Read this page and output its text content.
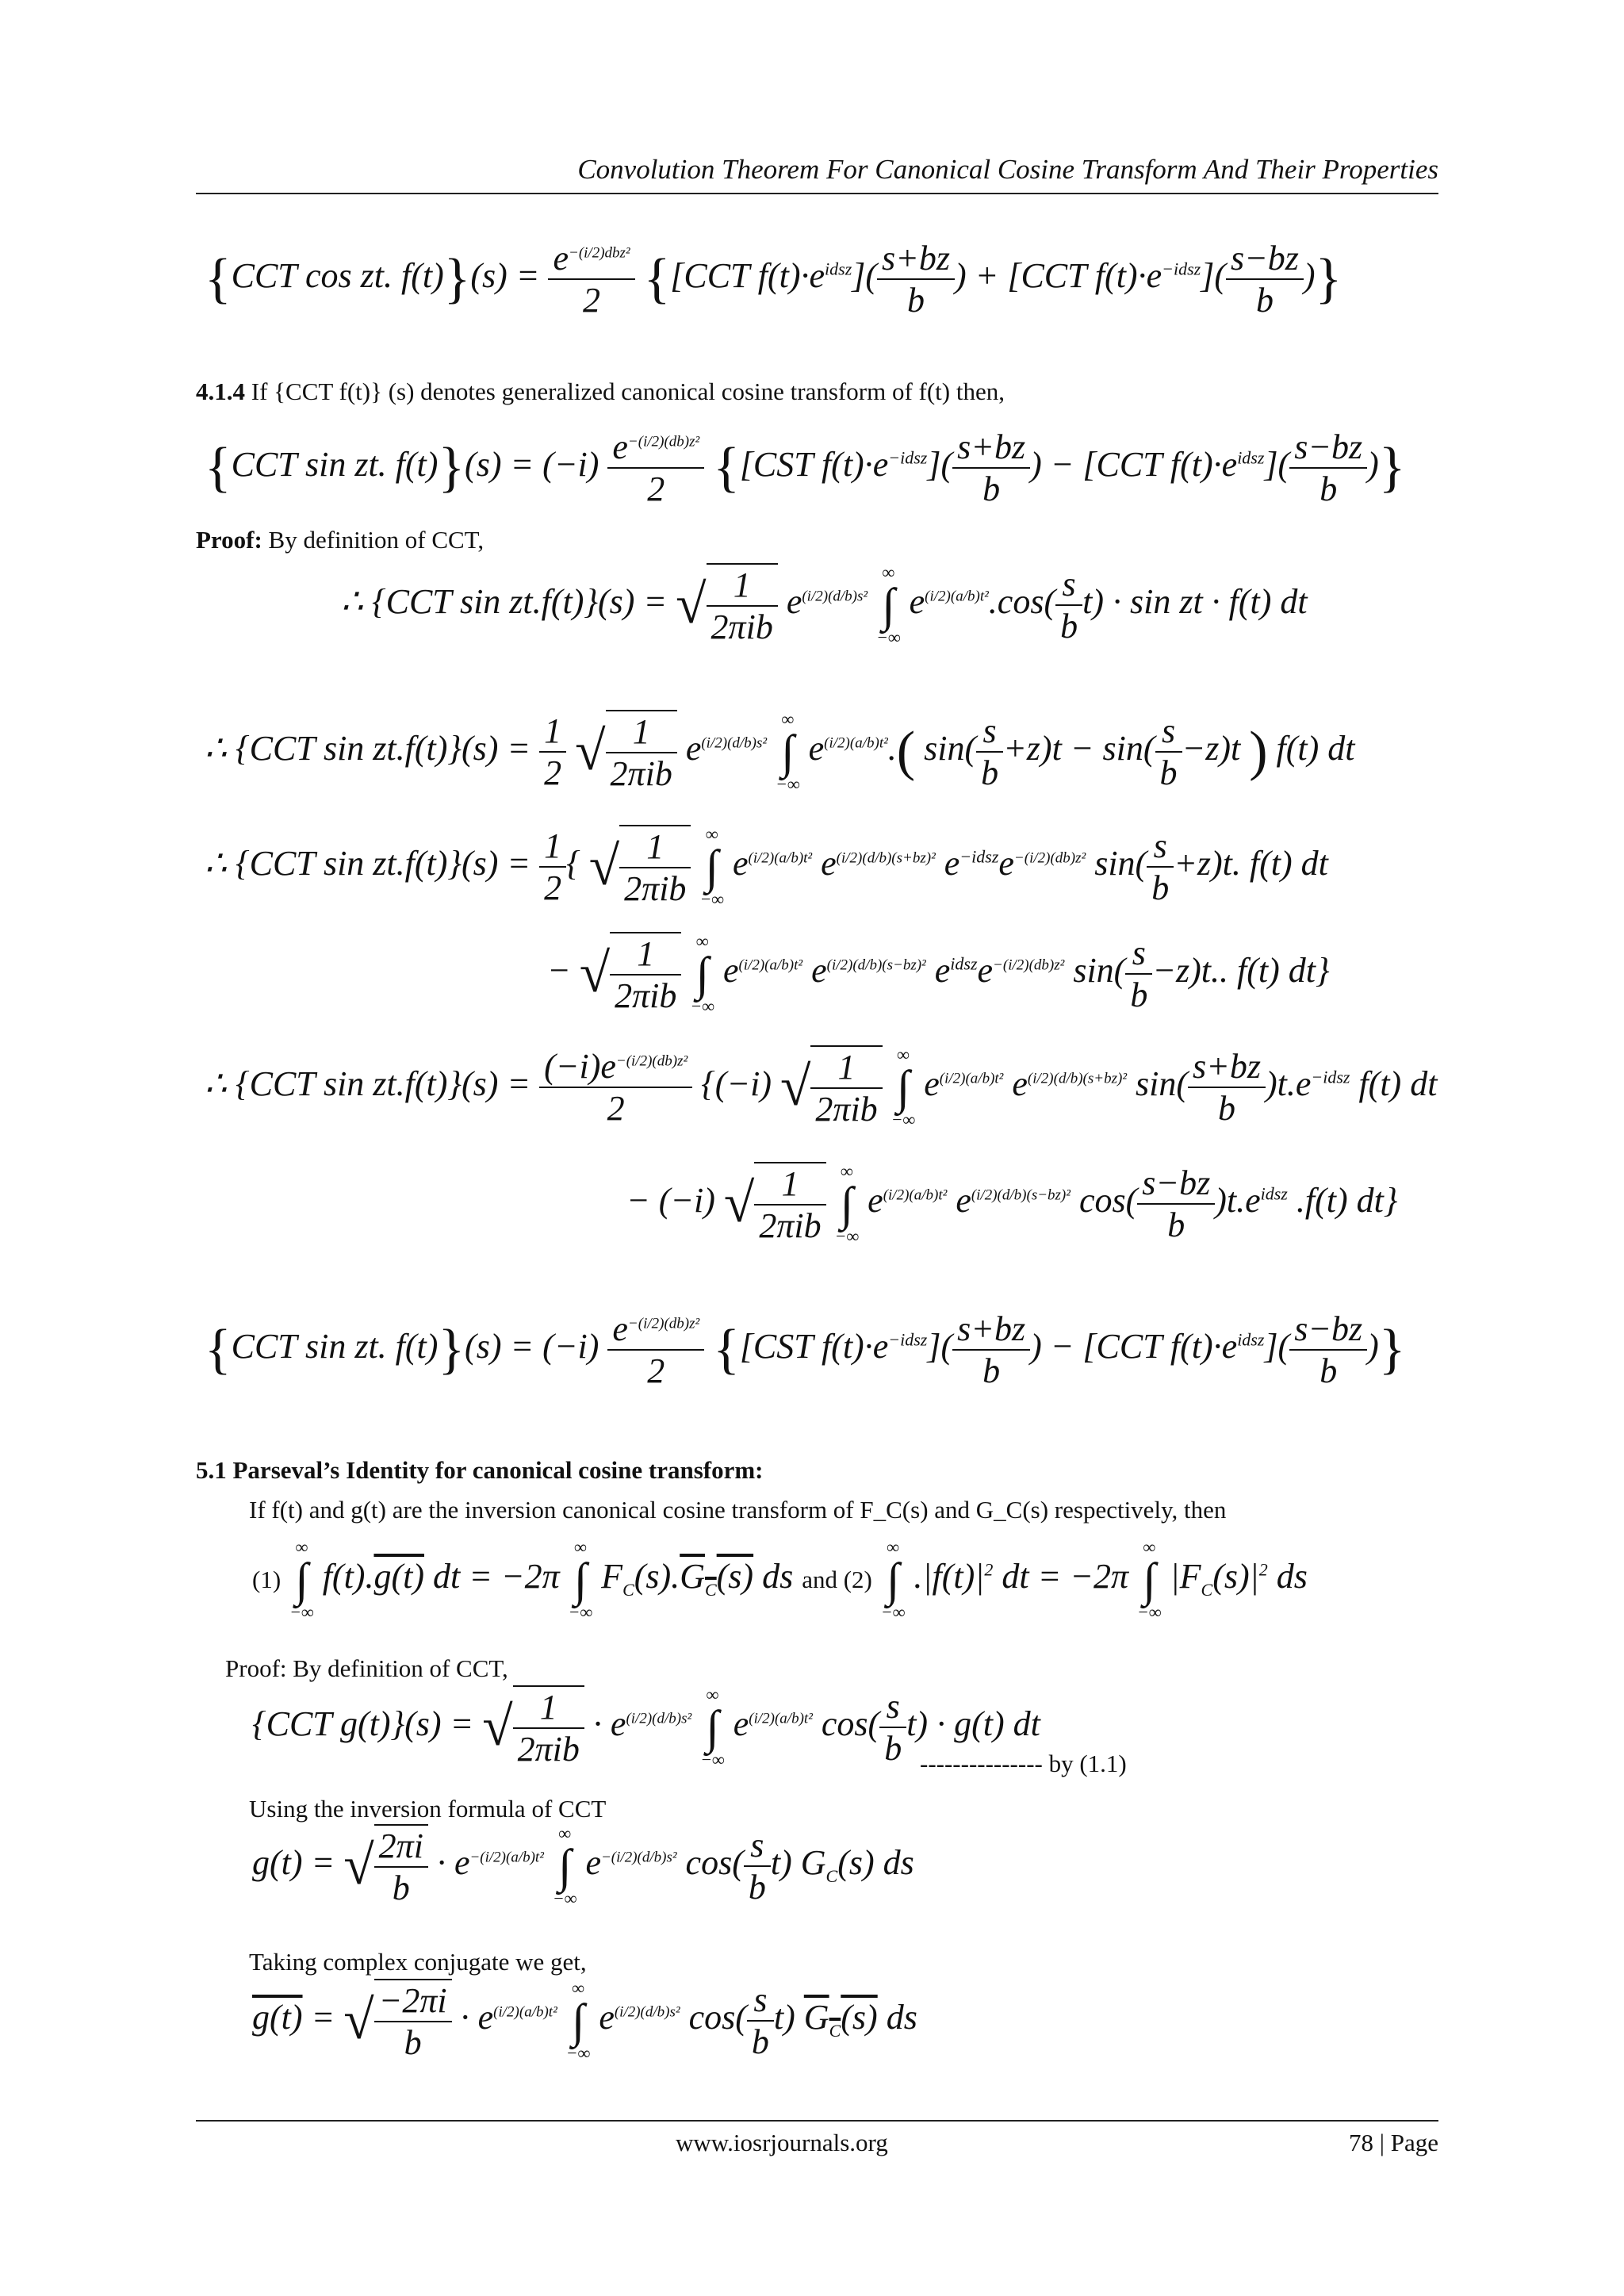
Convolution Theorem For Canonical Cosine Transform And Their Properties
{CCT cos zt. $f(t)\}(s) = \frac{e^{-(i/2)dbz^2}}{2} \{[CCT$ $f(t)\cdot e^{idsz}]( \frac{s+bz}{b}$ ) + [CCT $f(t)\cdot e^{-idsz}]( \frac{s-bz}{b}$ )}
4.1.4 If {CCT f(t)} (s) denotes generalized canonical cosine transform of f(t) then,
{CCT sin zt. $f(t)\}(s) = (-i) \frac{e^{-(i/2)(db)z^2}}{2} \{[CST$ $f(t)\cdot e^{-idsz}]( \frac{s+bz}{b}$ ) − [CCT $f(t)\cdot e^{idsz}]( \frac{s-bz}{b}$ )}
Proof: By definition of CCT,
∴ {CCT sin zt.f(t)}(s) = √ $\frac{1}{\text{2πib}} e^{(i/2)(d/b)s^2}$
∞
∫
−∞
$e^{(i/2)(a/b)t^2}.\cos( \frac{s}{b} t) \cdot \sin$ zt · f(t) dt
∴ {CCT $\sin zt.f(t)\}(s) = \frac{1}{2}$ √ $\frac{1}{\text{2πib}} e^{(i/2)(d/b)s^2}$
∞
∫
−∞
$e^{(i/2)(a/b)t^2}$.( $\sin( \frac{s}{b} +z)t - \sin( \frac{s}{b} -z)t$ ) f(t) dt
∴ {CCT $\sin zt.f(t)\}(s) = \frac{1}{2}$ { √ $\frac{1}{\text{2πib}}$
∞
∫
−∞
$e^{(i/2)(a/b)t^2}$ $e^{(i/2)(d/b)(s+bz)^2}$ $e^{-idsz}e^{-(i/2)(db)z^2}$ $\sin( \frac{s}{b} +z)t$. f(t) dt
− √ $\frac{1}{\text{2πib}}$
∞
∫
−∞
$e^{(i/2)(a/b)t^2}$ $e^{(i/2)(d/b)(s-bz)^2}$ $e^{idsz}e^{-(i/2)(db)z^2}$ $\sin( \frac{s}{b} -z)t$.. f(t) dt}
∴ {CCT $\sin zt.f(t)\}(s) = \frac{(-i)e^{-(i/2)(db)z^2}}{2} \{(-i)$ √ $\frac{1}{\text{2πib}}$
∞
∫
−∞
$e^{(i/2)(a/b)t^2}$ $e^{(i/2)(d/b)(s+bz)^2}$ $\sin( \frac{s+bz}{b} )t.e^{-idsz}$ f(t) dt
− (−i) √ $\frac{1}{\text{2πib}}$
∞
∫
−∞
$e^{(i/2)(a/b)t^2}$ $e^{(i/2)(d/b)(s-bz)^2}$ $\cos( \frac{s-bz}{b} )t.e^{idsz}$ .f(t) dt}
{CCT sin zt. $f(t)\}(s) = (-i) \frac{e^{-(i/2)(db)z^2}}{2} \{[CST$ $f(t)\cdot e^{-idsz}]( \frac{s+bz}{b}$ ) − [CCT $f(t)\cdot e^{idsz}]( \frac{s-bz}{b}$ )}
5.1 Parseval’s Identity for canonical cosine transform:
If f(t) and g(t) are the inversion canonical cosine transform of F_C(s) and G_C(s) respectively, then
(1)
∞
∫
−∞
f(t).g(t) dt = −2π
∞
∫
−∞
$F_C(s).G_C(s)$ ds and (2)
∞
∫
−∞
$.|f(t)|^2$ dt = −2π
∞
∫
−∞
$|F_C(s)|^2$ ds
Proof: By definition of CCT,
{CCT g(t)}(s) = √ $\frac{1}{\text{2πib}} \cdot e^{(i/2)(d/b)s^2}$
∞
∫
−∞
$e^{(i/2)(a/b)t^2}$ $\cos( \frac{s}{b} t) \cdot g(t)$ dt
--------------- by (1.1)
Using the inversion formula of CCT
g(t) = √ $\frac{2\pi i}{b} \cdot e^{-(i/2)(a/b)t^2}$
∞
∫
−∞
$e^{-(i/2)(d/b)s^2}$ $\cos( \frac{s}{b} t)$ $G_C(s)$ ds
Taking complex conjugate we get,
g(t) = √ $\frac{-2\pi i}{b} \cdot e^{(i/2)(a/b)t^2}$
∞
∫
−∞
$e^{(i/2)(d/b)s^2}$ $\cos( \frac{s}{b} t)$ $G_C(s)$ ds
www.iosrjournals.org	78 | Page
